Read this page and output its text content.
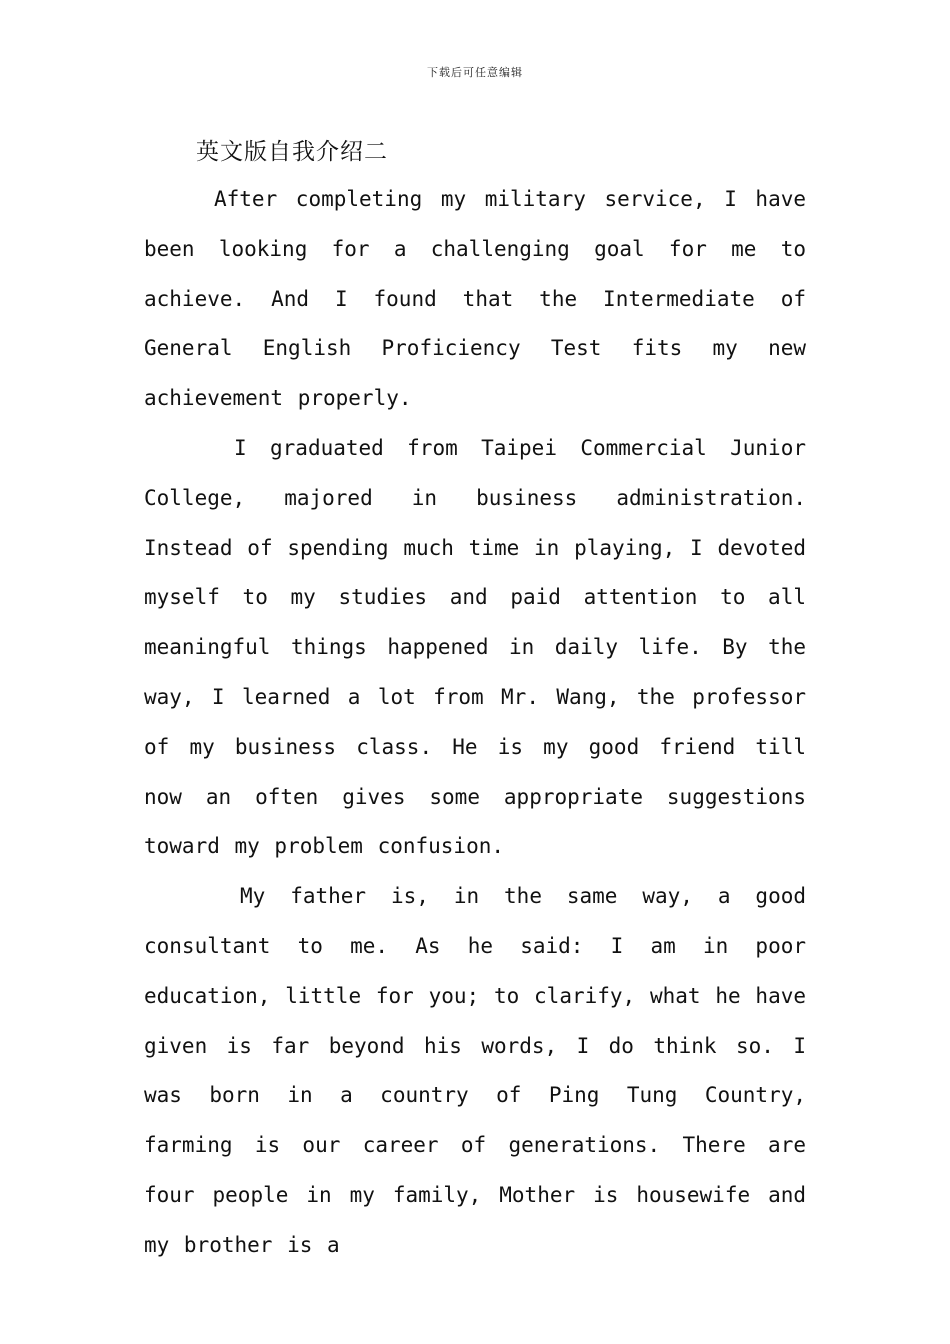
下载后可任意编辑
英文版自我介绍二

After completing my military service, I have been looking for a challenging goal for me to achieve. And I found that the Intermediate of General English Proficiency Test fits my new achievement properly.

I graduated from Taipei Commercial Junior College, majored in business administration. Instead of spending much time in playing, I devoted myself to my studies and paid attention to all meaningful things happened in daily life. By the way, I learned a lot from Mr. Wang, the professor of my business class. He is my good friend till now an often gives some appropriate suggestions toward my problem confusion.

My father is, in the same way, a good consultant to me. As he said: I am in poor education, little for you; to clarify, what he have given is far beyond his words, I do think so. I was born in a country of Ping Tung Country, farming is our career of generations. There are four people in my family, Mother is housewife and my brother is a
